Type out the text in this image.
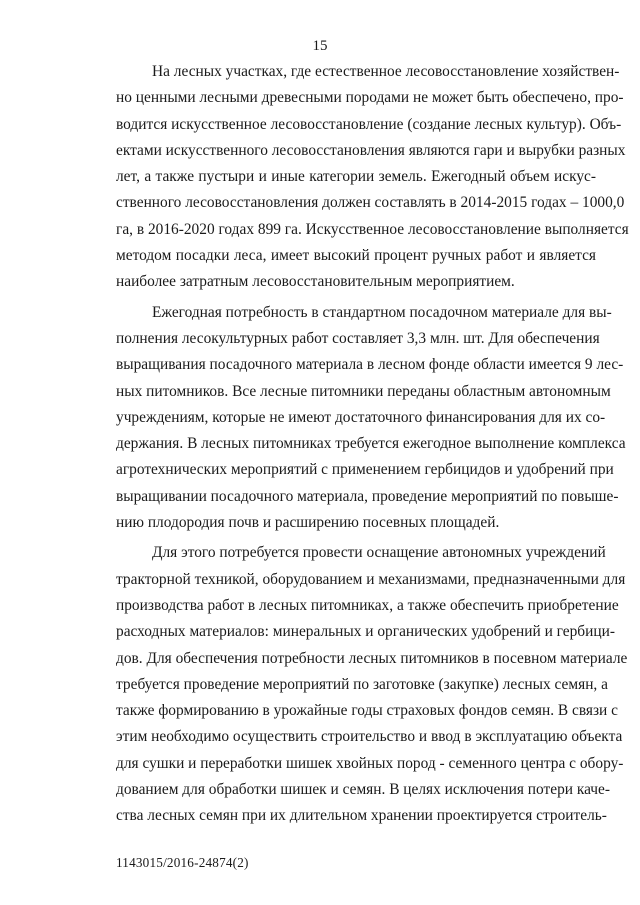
15
На лесных участках, где естественное лесовосстановление хозяйствен-
но ценными лесными древесными породами не может быть обеспечено, про-
водится искусственное лесовосстановление (создание лесных культур). Объ-
ектами искусственного лесовосстановления являются гари и вырубки разных
лет, а также пустыри и иные категории земель. Ежегодный объем искус-
ственного лесовосстановления должен составлять в 2014-2015 годах – 1000,0
га, в 2016-2020 годах 899 га. Искусственное лесовосстановление выполняется
методом посадки леса, имеет высокий процент ручных работ и является
наиболее затратным лесовосстановительным мероприятием.
Ежегодная потребность в стандартном посадочном материале для вы-
полнения лесокультурных работ составляет 3,3 млн. шт. Для обеспечения
выращивания посадочного материала в лесном фонде области имеется 9 лес-
ных питомников. Все лесные питомники переданы областным автономным
учреждениям, которые не имеют достаточного финансирования для их со-
держания. В лесных питомниках требуется ежегодное выполнение комплекса
агротехнических мероприятий с применением гербицидов и удобрений при
выращивании посадочного материала, проведение мероприятий по повыше-
нию плодородия почв и расширению посевных площадей.
Для этого потребуется провести оснащение автономных учреждений
тракторной техникой, оборудованием и механизмами, предназначенными для
производства работ в лесных питомниках, а также обеспечить приобретение
расходных материалов: минеральных и органических удобрений и гербици-
дов. Для обеспечения потребности лесных питомников в посевном материале
требуется проведение мероприятий по заготовке (закупке) лесных семян, а
также формированию в урожайные годы страховых фондов семян. В связи с
этим необходимо осуществить строительство и ввод в эксплуатацию объекта
для сушки и переработки шишек хвойных пород - семенного центра с обору-
дованием для обработки шишек и семян. В целях исключения потери каче-
ства лесных семян при их длительном хранении проектируется строитель-
1143015/2016-24874(2)
